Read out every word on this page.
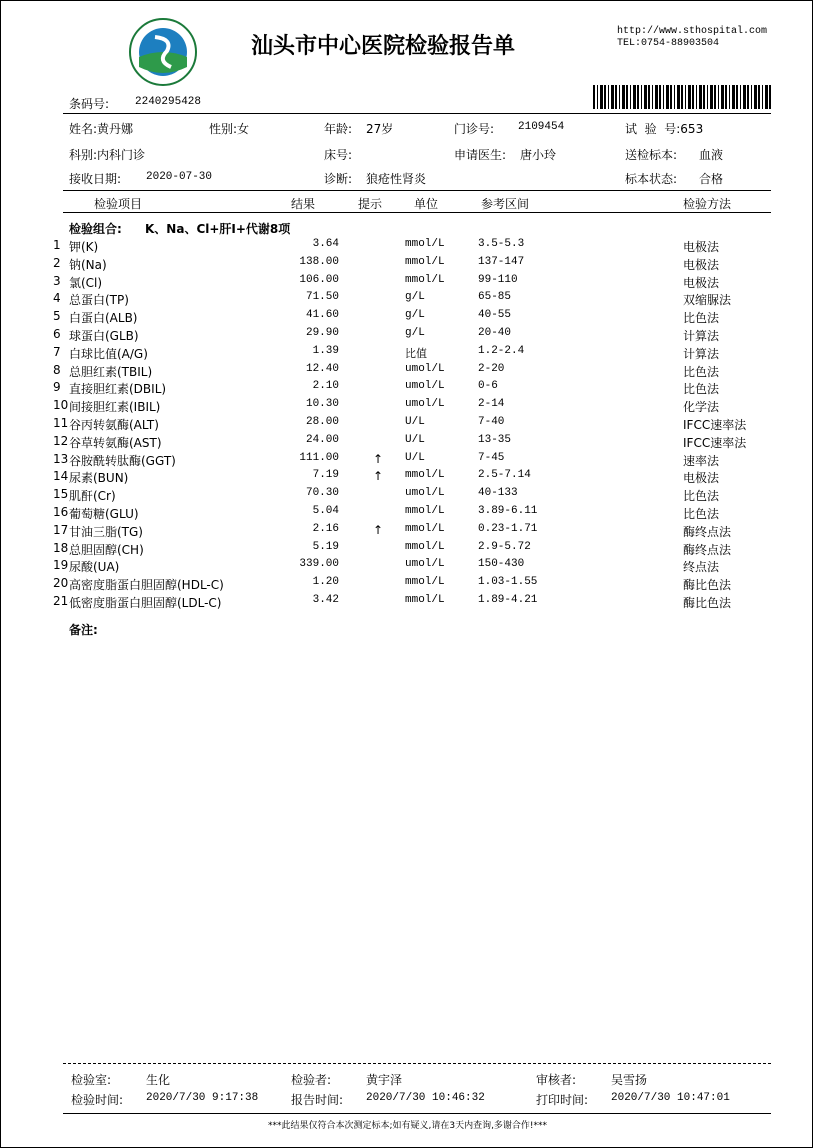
汕头市中心医院检验报告单
http://www.sthospital.com
TEL:0754-88903504
条码号: 2240295428
姓名:黄丹娜	性别:女	年龄: 27岁	门诊号: 2109454	试  验  号:653
科别:内科门诊	床号:	申请医生: 唐小玲	送检标本: 血液
接收日期: 2020-07-30	诊断: 狼疮性肾炎	标本状态: 合格
检验项目	结果	提示	单位	参考区间	检验方法
检验组合: K、Na、Cl+肝I+代谢8项
1 钾(K)	3.64	mmol/L	3.5-5.3	电极法
2 钠(Na)	138.00	mmol/L	137-147	电极法
3 氯(Cl)	106.00	mmol/L	99-110	电极法
4 总蛋白(TP)	71.50	g/L	65-85	双缩脲法
5 白蛋白(ALB)	41.60	g/L	40-55	比色法
6 球蛋白(GLB)	29.90	g/L	20-40	计算法
7 白球比值(A/G)	1.39	比值	1.2-2.4	计算法
8 总胆红素(TBIL)	12.40	umol/L	2-20	比色法
9 直接胆红素(DBIL)	2.10	umol/L	0-6	比色法
10 间接胆红素(IBIL)	10.30	umol/L	2-14	化学法
11 谷丙转氨酶(ALT)	28.00	U/L	7-40	IFCC速率法
12 谷草转氨酶(AST)	24.00	U/L	13-35	IFCC速率法
13 谷胺酰转肽酶(GGT)	111.00	↑ U/L	7-45	速率法
14 尿素(BUN)	7.19	↑ mmol/L	2.5-7.14	电极法
15 肌酐(Cr)	70.30	umol/L	40-133	比色法
16 葡萄糖(GLU)	5.04	mmol/L	3.89-6.11	比色法
17 甘油三脂(TG)	2.16	↑ mmol/L	0.23-1.71	酶终点法
18 总胆固醇(CH)	5.19	mmol/L	2.9-5.72	酶终点法
19 尿酸(UA)	339.00	umol/L	150-430	终点法
20 高密度脂蛋白胆固醇(HDL-C)	1.20	mmol/L	1.03-1.55	酶比色法
21 低密度脂蛋白胆固醇(LDL-C)	3.42	mmol/L	1.89-4.21	酶比色法
备注:
检验室:	生化	检验者:	黄宇泽	审核者:	吴雪扬
检验时间: 2020/7/30 9:17:38	报告时间: 2020/7/30 10:46:32	打印时间: 2020/7/30 10:47:01
***此结果仅符合本次测定标本;如有疑义,请在3天内查询,多谢合作!***
